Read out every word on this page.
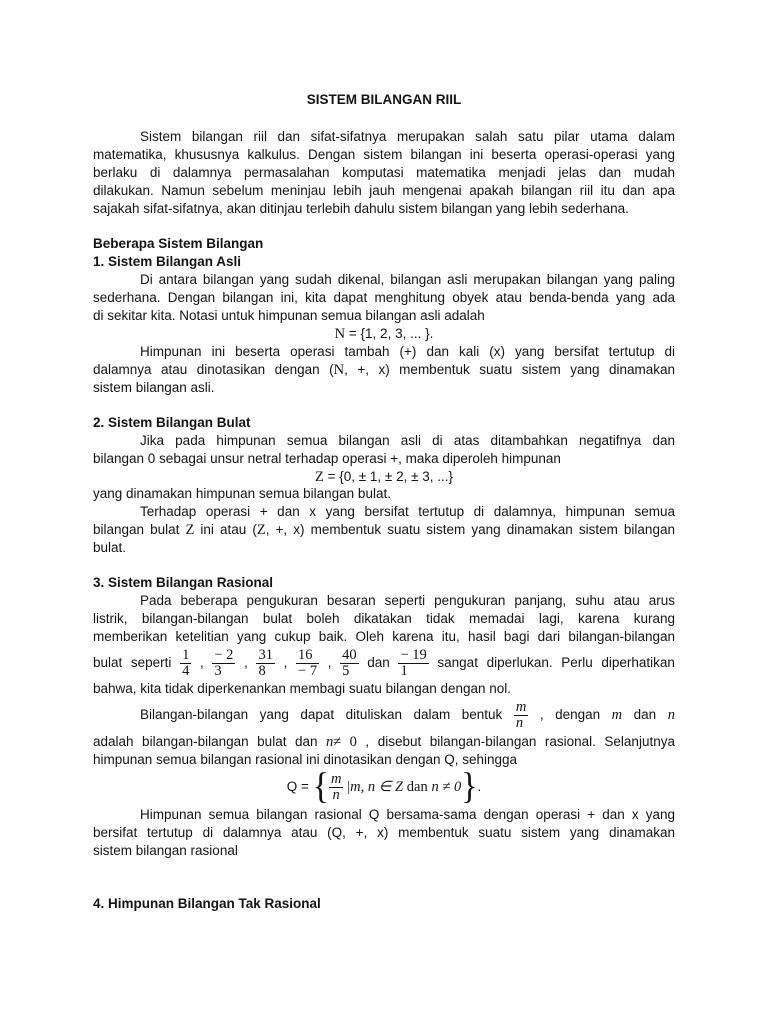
SISTEM BILANGAN RIIL
Sistem bilangan riil dan sifat-sifatnya merupakan salah satu pilar utama dalam
matematika, khususnya kalkulus. Dengan sistem bilangan ini beserta operasi-operasi yang
berlaku di dalamnya permasalahan komputasi matematika menjadi jelas dan mudah
dilakukan. Namun sebelum meninjau lebih jauh mengenai apakah bilangan riil itu dan apa
sajakah sifat-sifatnya, akan ditinjau terlebih dahulu sistem bilangan yang lebih sederhana.
Beberapa Sistem Bilangan
1. Sistem Bilangan Asli
Di antara bilangan yang sudah dikenal, bilangan asli merupakan bilangan yang paling
sederhana. Dengan bilangan ini, kita dapat menghitung obyek atau benda-benda yang ada
di sekitar kita. Notasi untuk himpunan semua bilangan asli adalah
N = {1, 2, 3, ... }.
Himpunan ini beserta operasi tambah (+) dan kali (x) yang bersifat tertutup di
dalamnya atau dinotasikan dengan (N, +, x) membentuk suatu sistem yang dinamakan
sistem bilangan asli.
2. Sistem Bilangan Bulat
Jika pada himpunan semua bilangan asli di atas ditambahkan negatifnya dan
bilangan 0 sebagai unsur netral terhadap operasi +, maka diperoleh himpunan
Z = {0, ± 1, ± 2, ± 3, ...}
yang dinamakan himpunan semua bilangan bulat.
Terhadap operasi + dan x yang bersifat tertutup di dalamnya, himpunan semua
bilangan bulat Z ini atau (Z, +, x) membentuk suatu sistem yang dinamakan sistem bilangan
bulat.
3. Sistem Bilangan Rasional
Pada beberapa pengukuran besaran seperti pengukuran panjang, suhu atau arus
listrik, bilangan-bilangan bulat boleh dikatakan tidak memadai lagi, karena kurang
memberikan ketelitian yang cukup baik. Oleh karena itu, hasil bagi dari bilangan-bilangan
bulat seperti $\frac{1}{4}$ , $\frac{- 2}{3}$ , $\frac{31}{8}$ , $\frac{16}{- 7}$ , $\frac{40}{5}$ dan $\frac{- 19}{1}$ sangat diperlukan. Perlu diperhatikan
bahwa, kita tidak diperkenankan membagi suatu bilangan dengan nol.
Bilangan-bilangan yang dapat dituliskan dalam bentuk $\frac{m}{n}$ , dengan m dan n
adalah bilangan-bilangan bulat dan n≠ 0 , disebut bilangan-bilangan rasional. Selanjutnya
himpunan semua bilangan rasional ini dinotasikan dengan Q, sehingga
Q = { $\frac{m}{n} |m$, n ∈ Z dan n ≠ 0}.
Himpunan semua bilangan rasional Q bersama-sama dengan operasi + dan x yang
bersifat tertutup di dalamnya atau (Q, +, x) membentuk suatu sistem yang dinamakan
sistem bilangan rasional
4. Himpunan Bilangan Tak Rasional
